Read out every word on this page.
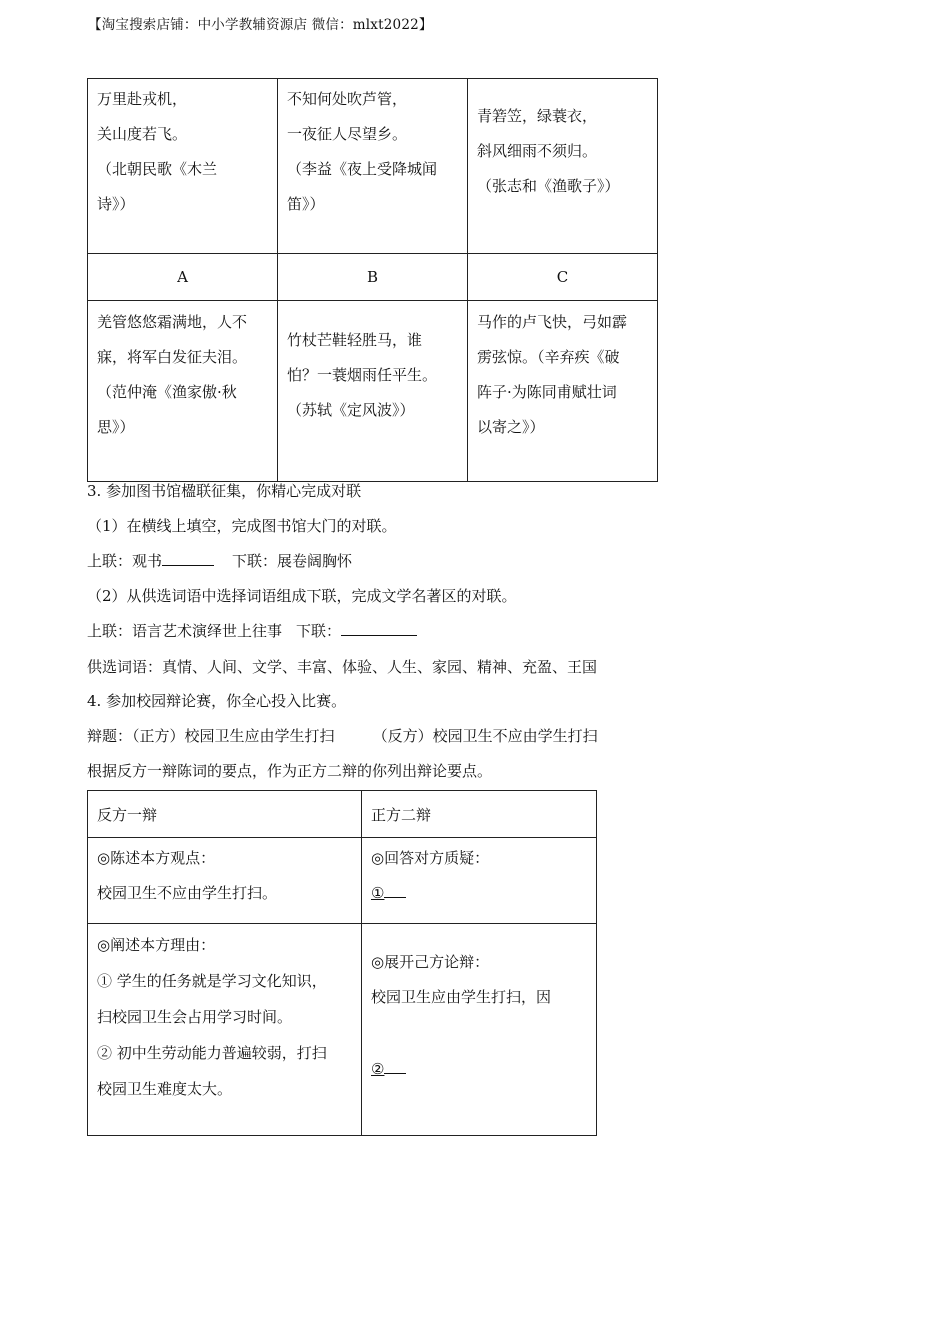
【淘宝搜索店铺：中小学教辅资源店 微信：mlxt2022】
万里赴戎机，
关山度若飞。
（北朝民歌《木兰
诗》）	不知何处吹芦管，
一夜征人尽望乡。
（李益《夜上受降城闻
笛》）	青箬笠，绿蓑衣，
斜风细雨不须归。
（张志和《渔歌子》）

A	B	C

羌管悠悠霜满地，人不
寐，将军白发征夫泪。
（范仲淹《渔家傲·秋
思》）	竹杖芒鞋轻胜马，谁
怕？一蓑烟雨任平生。
（苏轼《定风波》）	马作的卢飞快，弓如霹
雳弦惊。（辛弃疾《破
阵子·为陈同甫赋壮词
以寄之》）
3. 参加图书馆楹联征集，你精心完成对联
（1）在横线上填空，完成图书馆大门的对联。
上联：观书	下联：展卷阔胸怀
（2）从供选词语中选择词语组成下联，完成文学名著区的对联。
上联：语言艺术演绎世上往事 下联：
供选词语：真情、人间、文学、丰富、体验、人生、家园、精神、充盈、王国
4. 参加校园辩论赛，你全心投入比赛。
辩题：（正方）校园卫生应由学生打扫        （反方）校园卫生不应由学生打扫
根据反方一辩陈词的要点，作为正方二辩的你列出辩论要点。
反方一辩	正方二辩

◎陈述本方观点：
校园卫生不应由学生打扫。	◎回答对方质疑：
①

◎阐述本方理由：
① 学生的任务就是学习文化知识，
扫校园卫生会占用学习时间。
② 初中生劳动能力普遍较弱，打扫
校园卫生难度太大。	◎展开己方论辩：
校园卫生应由学生打扫，因
②
